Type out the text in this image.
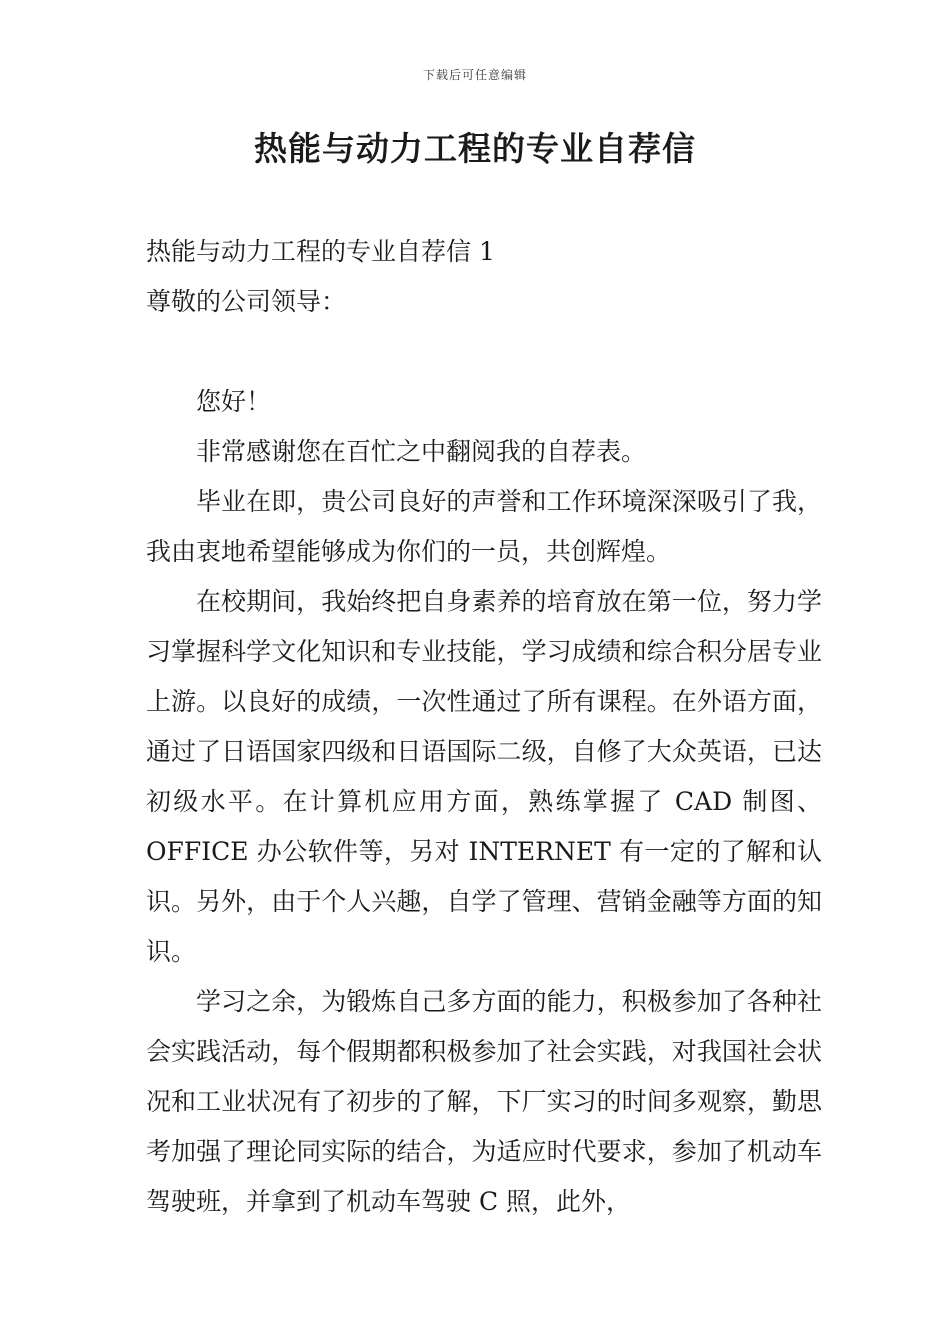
下载后可任意编辑
热能与动力工程的专业自荐信

热能与动力工程的专业自荐信 1

尊敬的公司领导：

您好！

非常感谢您在百忙之中翻阅我的自荐表。

毕业在即，贵公司良好的声誉和工作环境深深吸引了我，我由衷地希望能够成为你们的一员，共创辉煌。

在校期间，我始终把自身素养的培育放在第一位，努力学习掌握科学文化知识和专业技能，学习成绩和综合积分居专业上游。以良好的成绩，一次性通过了所有课程。在外语方面，通过了日语国家四级和日语国际二级，自修了大众英语，已达初级水平。在计算机应用方面，熟练掌握了 CAD 制图、OFFICE 办公软件等，另对 INTERNET 有一定的了解和认识。另外，由于个人兴趣，自学了管理、营销金融等方面的知识。

学习之余，为锻炼自己多方面的能力，积极参加了各种社会实践活动，每个假期都积极参加了社会实践，对我国社会状况和工业状况有了初步的了解，下厂实习的时间多观察，勤思考加强了理论同实际的结合，为适应时代要求，参加了机动车驾驶班，并拿到了机动车驾驶 C 照，此外，
